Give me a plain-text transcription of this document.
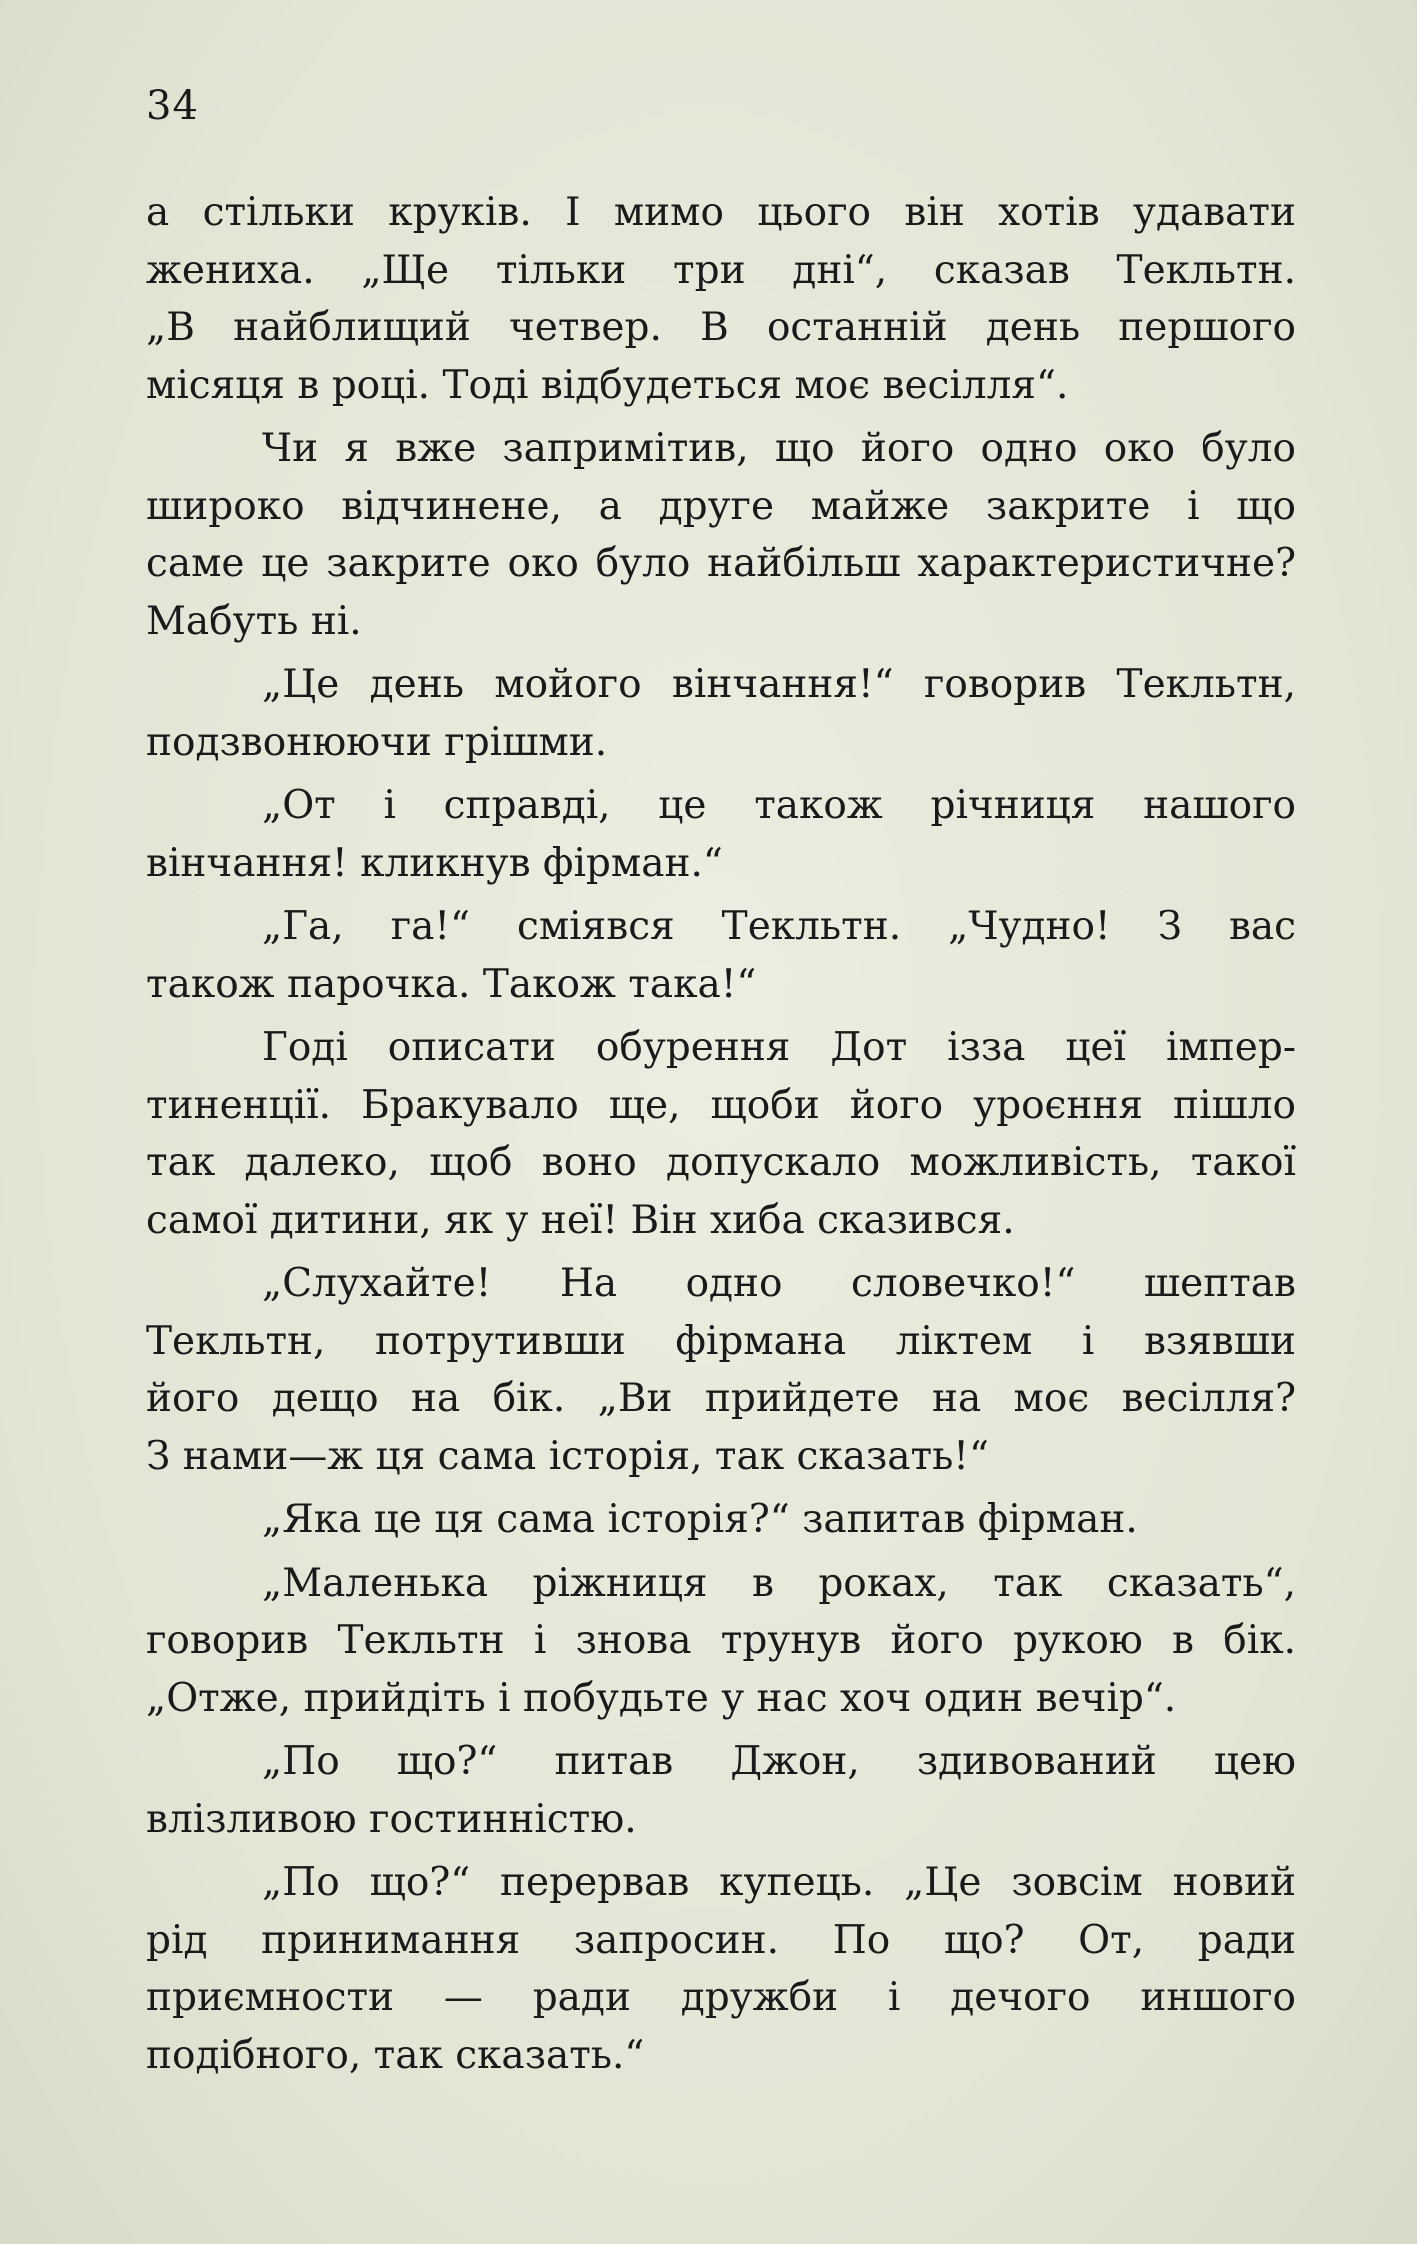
34
а стільки круків. І мимо цього він хотів удавати
жениха. „Ще тільки три дні“, сказав Текльтн.
„В найблищий четвер. В останній день першого
місяця в році. Тоді відбудеться моє весілля“.
Чи я вже запримітив, що його одно око було
широко відчинене, а друге майже закрите і що
саме це закрите око було найбільш характеристичне?
Мабуть ні.
„Це день мойого вінчання!“ говорив Текльтн,
подзвонюючи грішми.
„От і справді, це також річниця нашого
вінчання! кликнув фірман.“
„Га, га!“ сміявся Текльтн. „Чудно! З вас
також парочка. Також така!“
Годі описати обурення Дот ізза цеї імпер-
тиненції. Бракувало ще, щоби його уроєння пішло
так далеко, щоб воно допускало можливість, такої
самої дитини, як у неї! Він хиба сказився.
„Слухайте! На одно словечко!“ шептав
Текльтн, потрутивши фірмана ліктем і взявши
його дещо на бік. „Ви прийдете на моє весілля?
З нами—ж ця сама історія, так сказать!“
„Яка це ця сама історія?“ запитав фірман.
„Маленька ріжниця в роках, так сказать“,
говорив Текльтн і знова трунув його рукою в бік.
„Отже, прийдіть і побудьте у нас хоч один вечір“.
„По що?“ питав Джон, здивований цею
влізливою гостинністю.
„По що?“ перервав купець. „Це зовсім новий
рід принимання запросин. По що? От, ради
приємности — ради дружби і дечого иншого
подібного, так сказать.“
